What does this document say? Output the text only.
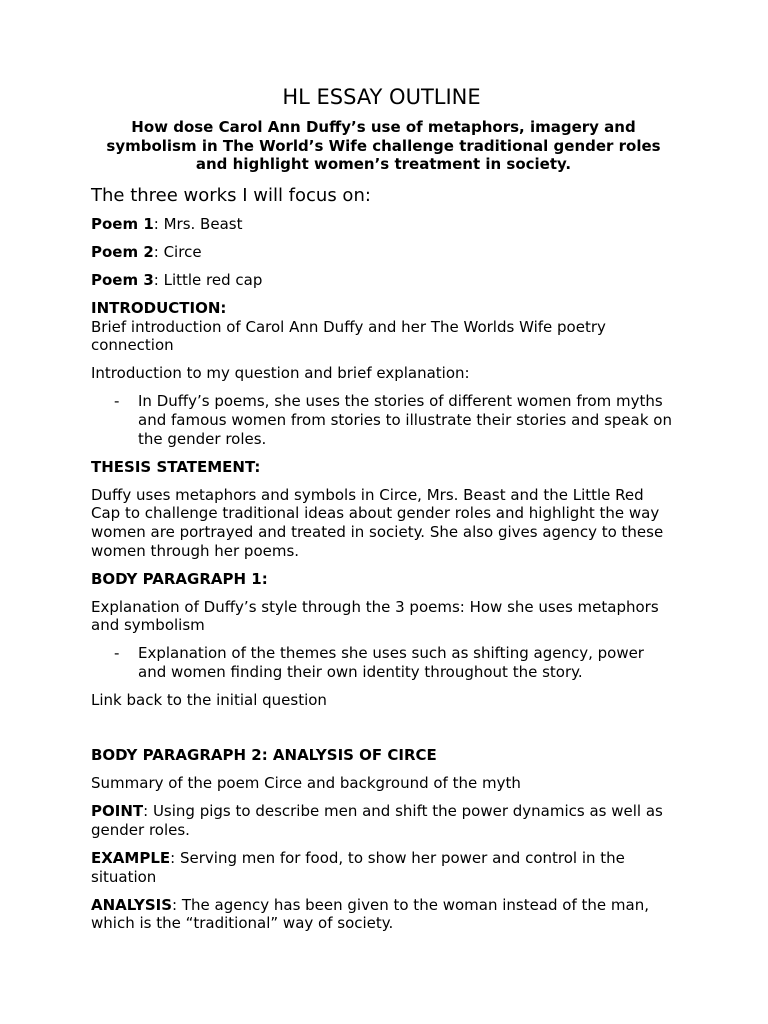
HL ESSAY OUTLINE
How dose Carol Ann Duffy’s use of metaphors, imagery and symbolism in The World’s Wife challenge traditional gender roles and highlight women’s treatment in society.
The three works I will focus on:

Poem 1: Mrs. Beast

Poem 2: Circe

Poem 3: Little red cap

INTRODUCTION:

Brief introduction of Carol Ann Duffy and her The Worlds Wife poetry connection

Introduction to my question and brief explanation:

- In Duffy’s poems, she uses the stories of different women from myths and famous women from stories to illustrate their stories and speak on the gender roles.
THESIS STATEMENT:

Duffy uses metaphors and symbols in Circe, Mrs. Beast and the Little Red Cap to challenge traditional ideas about gender roles and highlight the way women are portrayed and treated in society. She also gives agency to these women through her poems.

BODY PARAGRAPH 1:

Explanation of Duffy’s style through the 3 poems: How she uses metaphors and symbolism

- Explanation of the themes she uses such as shifting agency, power and women finding their own identity throughout the story.

Link back to the initial question

BODY PARAGRAPH 2: ANALYSIS OF CIRCE

Summary of the poem Circe and background of the myth

POINT: Using pigs to describe men and shift the power dynamics as well as gender roles.

EXAMPLE: Serving men for food, to show her power and control in the situation

ANALYSIS: The agency has been given to the woman instead of the man, which is the “traditional” way of society.
